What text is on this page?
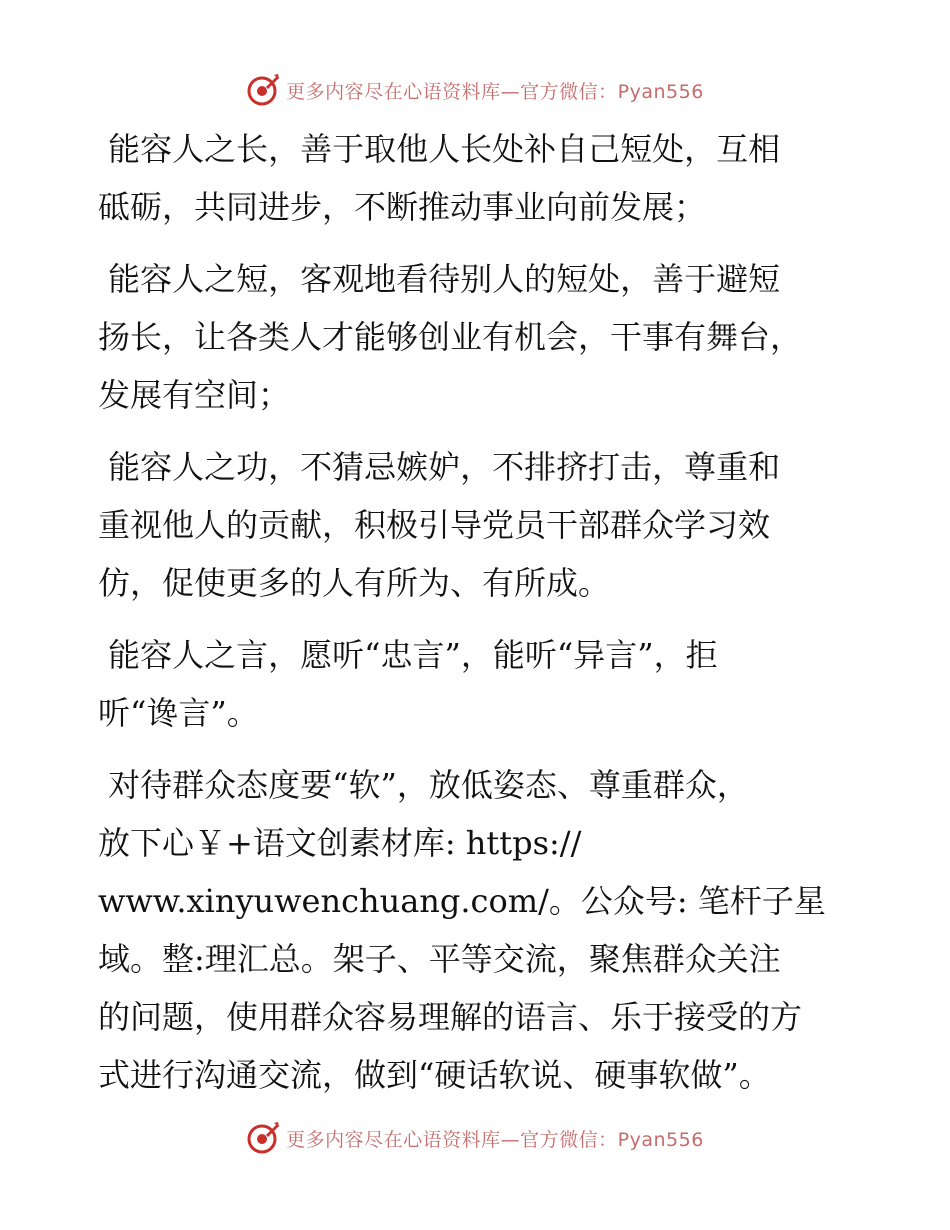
更多内容尽在心语资料库—官方微信：Pyan556

能容人之长，善于取他人长处补自己短处，互相
砥砺，共同进步，不断推动事业向前发展；

能容人之短，客观地看待别人的短处，善于避短
扬长，让各类人才能够创业有机会，干事有舞台，
发展有空间；

能容人之功，不猜忌嫉妒，不排挤打击，尊重和
重视他人的贡献，积极引导党员干部群众学习效
仿，促使更多的人有所为、有所成。

能容人之言，愿听“忠言”，能听“异言”，拒
听“谗言”。

对待群众态度要“软”，放低姿态、尊重群众，
放下心￥+语文创素材库: https://
www.xinyuwenchuang.com/。公众号: 笔杆子星
域。整:理汇总。架子、平等交流，聚焦群众关注
的问题，使用群众容易理解的语言、乐于接受的方
式进行沟通交流，做到“硬话软说、硬事软做”。

更多内容尽在心语资料库—官方微信：Pyan556
